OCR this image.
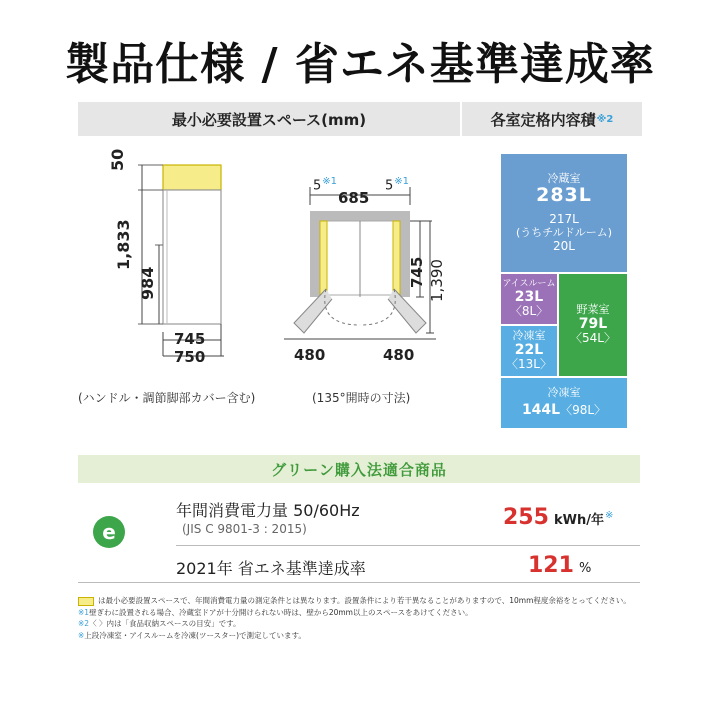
製品仕様 / 省エネ基準達成率
最小必要設置スペース(mm)	各室定格内容積 ※2
50
1,833
984
745
750
5$^{※1}$	5$^{※1}$
685
745 1,390
480	480
(ハンドル・調節脚部カバー含む)	(135°開時の寸法)
冷蔵室
283L
217L
(うちチルドルーム)
20L
アイスルーム
23L
〈8L〉	野菜室
79L
〈54L〉
冷凍室
22L
〈13L〉
冷凍室
144L〈98L〉
グリーン購入法適合商品
e
年間消費電力量 50/60Hz
(JIS C 9801-3 : 2015)	255 kWh/年※
2021年 省エネ基準達成率	121 %
は最小必要設置スペースで、年間消費電力量の測定条件とは異なります。設置条件により若干異なることがありますので、10mm程度余裕をとってください。
※1壁ぎわに設置される場合、冷蔵室ドアが十分開けられない時は、壁から20mm以上のスペースをあけてください。
※2〈 〉内は「食品収納スペースの目安」です。
※上段冷凍室・アイスルームを冷凍(ツースター)で測定しています。
